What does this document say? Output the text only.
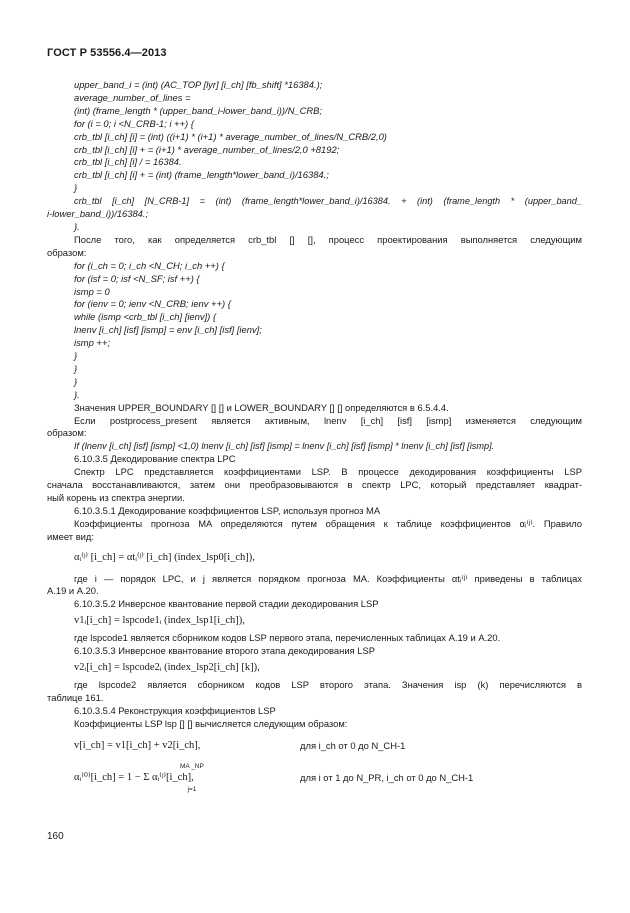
ГОСТ Р 53556.4—2013
upper_band_i = (int) (AC_TOP [lyr] [i_ch] [fb_shift] *16384.);
average_number_of_lines =
(int) (frame_length * (upper_band_i-lower_band_i))/N_CRB;
for (i = 0; i <N_CRB-1; i ++) {
crb_tbl [i_ch] [i] = (int) ((i+1) * (i+1) * average_number_of_lines/N_CRB/2,0)
crb_tbl [i_ch] [i] + = (i+1) * average_number_of_lines/2,0 +8192;
crb_tbl [i_ch] [i] / = 16384.
crb_tbl [i_ch] [i] + = (int) (frame_length*lower_band_i)/16384.;
}
crb_tbl [i_ch] [N_CRB-1] = (int) (frame_length*lower_band_i)/16384. + (int) (frame_length * (upper_band_
i-lower_band_i))/16384.;
}.
После того, как определяется crb_tbl [] [], процесс проектирования выполняется следующим
образом:
for (i_ch = 0; i_ch <N_CH; i_ch ++) {
for (isf = 0; isf <N_SF; isf ++) {
ismp = 0
for (ienv = 0; ienv <N_CRB; ienv ++) {
while (ismp <crb_tbl [i_ch] [ienv]) {
lnenv [i_ch] [isf] [ismp] = env [i_ch] [isf] [ienv];
ismp ++;
}
}
}
}.
Значения UPPER_BOUNDARY [] [] и LOWER_BOUNDARY [] [] определяются в 6.5.4.4.
Если postprocess_present является активным, lnenv [i_ch] [isf] [ismp] изменяется следующим
образом:
If (lnenv [i_ch] [isf] [ismp] <1,0) lnenv [i_ch] [isf] [ismp] = lnenv [i_ch] [isf] [ismp] * lnenv [i_ch] [isf] [ismp].
6.10.3.5 Декодирование спектра LPC
Спектр LPC представляется коэффициентами LSP. В процессе декодирования коэффициенты LSP
сначала восстанавливаются, затем они преобразовываются в спектр LPC, который представляет квадрат-
ный корень из спектра энергии.
6.10.3.5.1 Декодирование коэффициентов LSP, используя прогноз MA
Коэффициенты прогноза MA определяются путем обращения к таблице коэффициентов αᵢ⁽ʲ⁾. Правило
имеет вид:
αᵢ⁽ʲ⁾ [i_ch] = αtᵢ⁽ʲ⁾ [i_ch] (index_lsp0[i_ch]),
где i — порядок LPC, и j является порядком прогноза MA. Коэффициенты αtᵢ⁽ʲ⁾ приведены в таблицах
А.19 и А.20.
6.10.3.5.2 Инверсное квантование первой стадии декодирования LSP
v1ᵢ[i_ch] = lspcode1ᵢ (index_lsp1[i_ch]),
где lspcode1 является сборником кодов LSP первого этапа, перечисленных таблицах А.19 и А.20.
6.10.3.5.3 Инверсное квантование второго этапа декодирования LSP
v2ᵢ[i_ch] = lspcode2ᵢ (index_lsp2[i_ch] [k]),
где lspcode2 является сборником кодов LSP второго этапа. Значения isp (k) перечисляются в
таблице 161.
6.10.3.5.4 Реконструкция коэффициентов LSP
Коэффициенты LSP lsp [] [] вычисляется следующим образом:
v[i_ch] = v1[i_ch] + v2[i_ch],	для i_ch от 0 до N_CH-1
αᵢ⁽⁰⁾[i_ch] = 1 − Σ αᵢ⁽ʲ⁾[i_ch],
MA _NP
j=1
для i от 1 до N_PR, i_ch от 0 до N_CH-1
160
